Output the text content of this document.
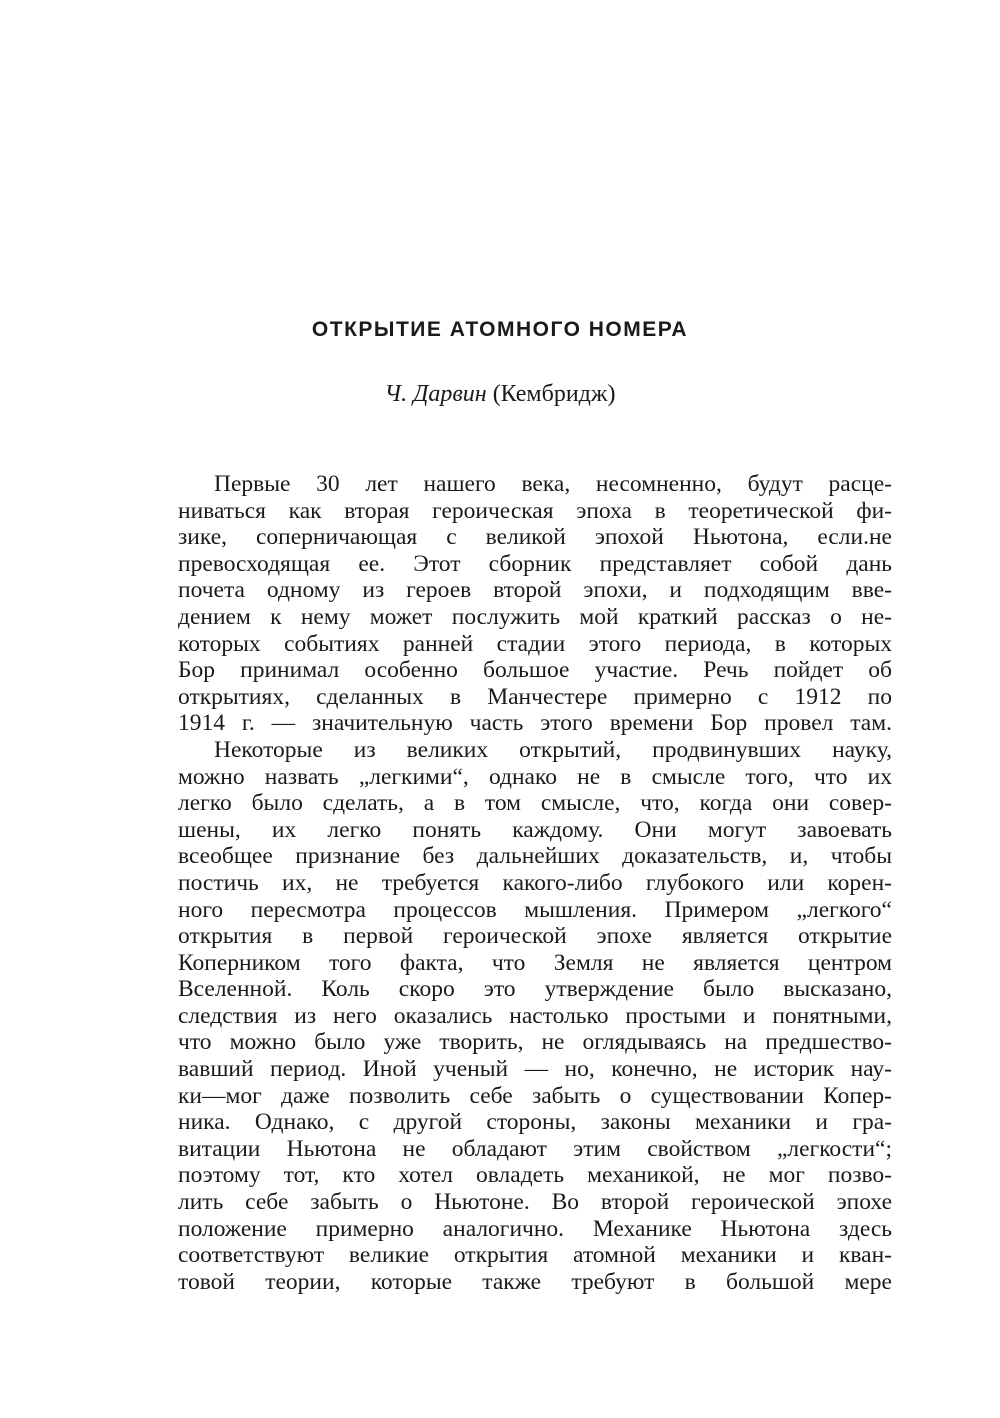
ОТКРЫТИЕ АТОМНОГО НОМЕРА
Ч. Дарвин (Кембридж)
Первые 30 лет нашего века, несомненно, будут расце-
ниваться как вторая героическая эпоха в теоретической фи-
зике, соперничающая с великой эпохой Ньютона, если.не
превосходящая ее. Этот сборник представляет собой дань
почета одному из героев второй эпохи, и подходящим вве-
дением к нему может послужить мой краткий рассказ о не-
которых событиях ранней стадии этого периода, в которых
Бор принимал особенно большое участие. Речь пойдет об
открытиях, сделанных в Манчестере примерно с 1912 по
1914 г. — значительную часть этого времени Бор провел там.
Некоторые из великих открытий, продвинувших науку,
можно назвать „легкими“, однако не в смысле того, что их
легко было сделать, а в том смысле, что, когда они совер-
шены, их легко понять каждому. Они могут завоевать
всеобщее признание без дальнейших доказательств, и, чтобы
постичь их, не требуется какого-либо глубокого или корен-
ного пересмотра процессов мышления. Примером „легкого“
открытия в первой героической эпохе является открытие
Коперником того факта, что Земля не является центром
Вселенной. Коль скоро это утверждение было высказано,
следствия из него оказались настолько простыми и понятными,
что можно было уже творить, не оглядываясь на предшество-
вавший период. Иной ученый — но, конечно, не историк нау-
ки—мог даже позволить себе забыть о существовании Копер-
ника. Однако, с другой стороны, законы механики и гра-
витации Ньютона не обладают этим свойством „легкости“;
поэтому тот, кто хотел овладеть механикой, не мог позво-
лить себе забыть о Ньютоне. Во второй героической эпохе
положение примерно аналогично. Механике Ньютона здесь
соответствуют великие открытия атомной механики и кван-
товой теории, которые также требуют в большой мере
